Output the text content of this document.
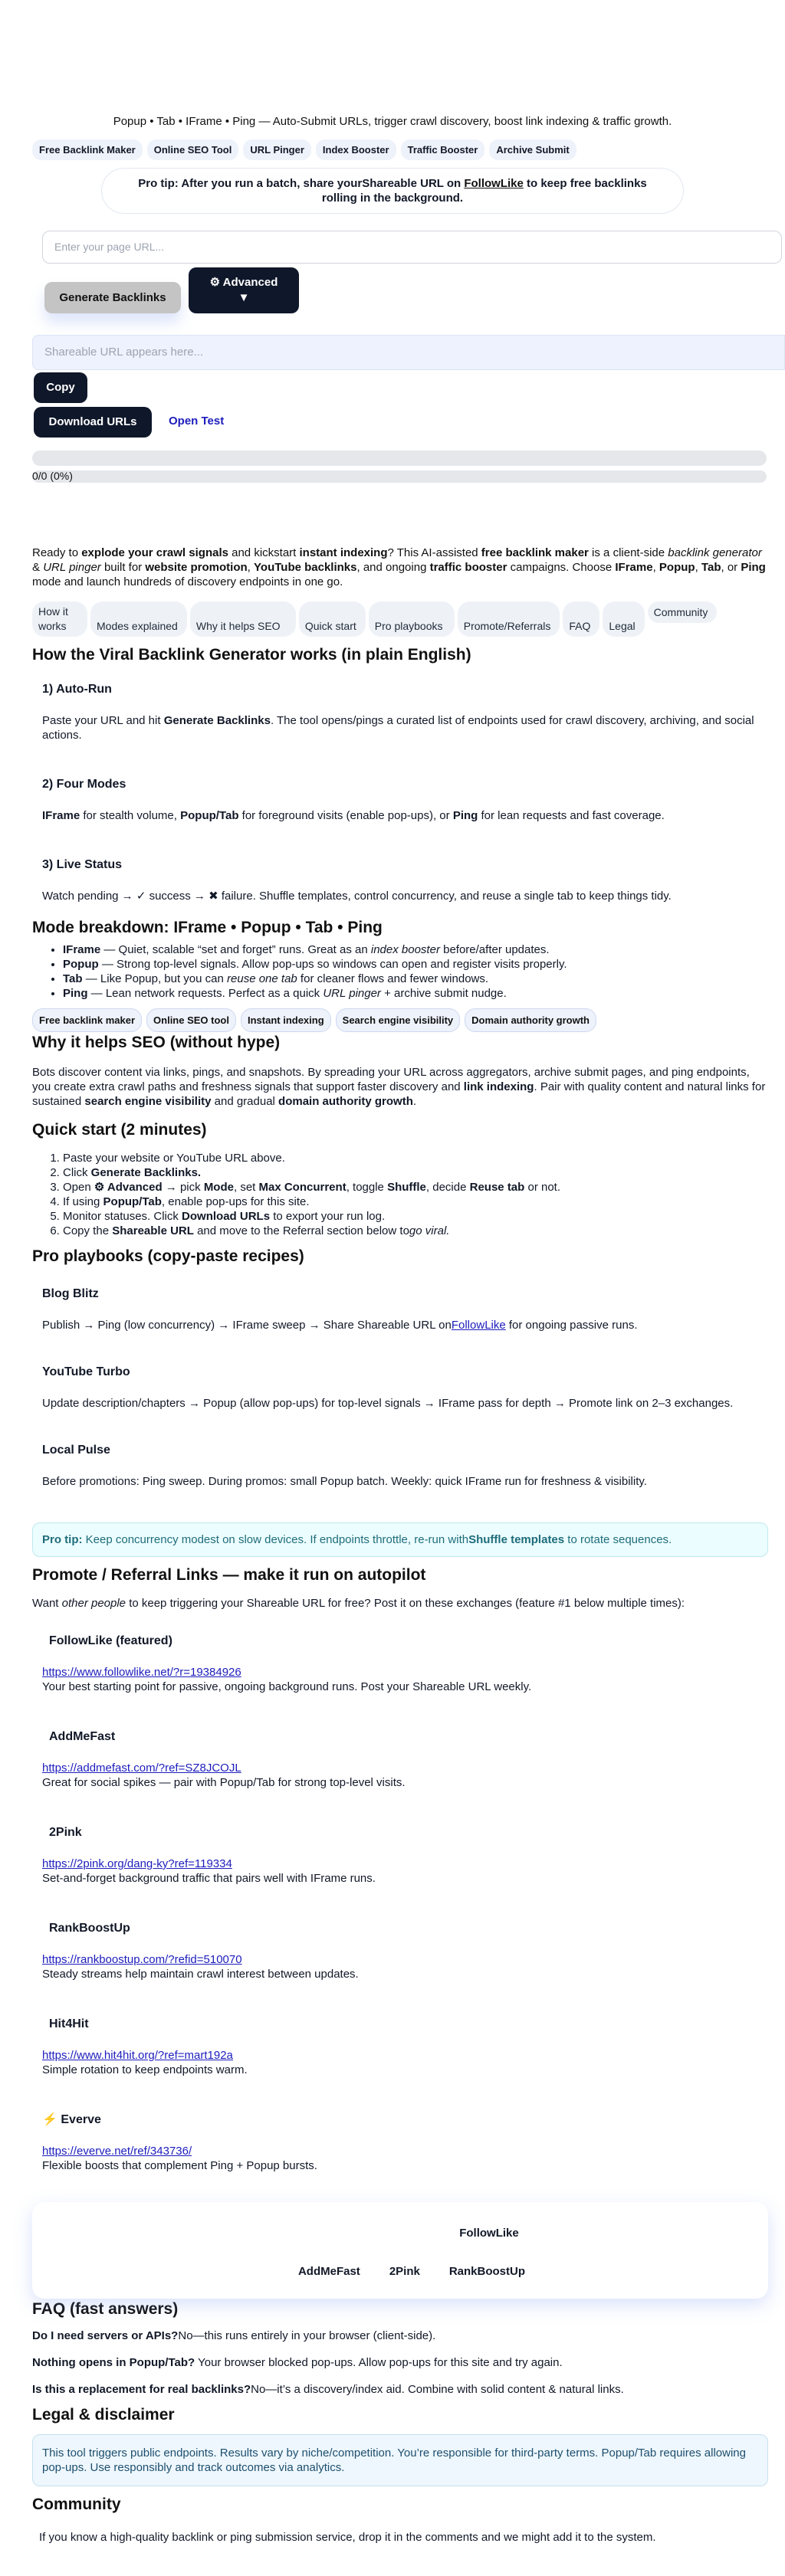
Popup • Tab • IFrame • Ping — Auto-Submit URLs, trigger crawl discovery, boost link indexing & traffic growth.
Free Backlink Maker	Online SEO Tool	URL Pinger	Index Booster	Traffic Booster	Archive Submit
Pro tip: After you run a batch, share yourShareable URL on FollowLike to keep free backlinks rolling in the background.
Enter your page URL...
Generate Backlinks
⚙ Advanced
▼
Shareable URL appears here...
Copy
Download URLs	Open Test
0/0 (0%)

Ready to explode your crawl signals and kickstart instant indexing? This AI-assisted free backlink maker is a client-side backlink generator & URL pinger built for website promotion, YouTube backlinks, and ongoing traffic booster campaigns. Choose IFrame, Popup, Tab, or Ping mode and launch hundreds of discovery endpoints in one go.

How it works	Modes explained	Why it helps SEO	Quick start	Pro playbooks	Promote/Referrals	FAQ	Legal
Community
How the Viral Backlink Generator works (in plain English)
1) Auto-Run

Paste your URL and hit Generate Backlinks. The tool opens/pings a curated list of endpoints used for crawl discovery, archiving, and social actions.

2) Four Modes

IFrame for stealth volume, Popup/Tab for foreground visits (enable pop-ups), or Ping for lean requests and fast coverage.

3) Live Status

Watch pending → ✓ success → ✖ failure. Shuffle templates, control concurrency, and reuse a single tab to keep things tidy.

Mode breakdown: IFrame • Popup • Tab • Ping
• IFrame — Quiet, scalable “set and forget” runs. Great as an index booster before/after updates.
• Popup — Strong top-level signals. Allow pop-ups so windows can open and register visits properly.
• Tab — Like Popup, but you can reuse one tab for cleaner flows and fewer windows.
• Ping — Lean network requests. Perfect as a quick URL pinger + archive submit nudge.
Free backlink maker	Online SEO tool	Instant indexing	Search engine visibility	Domain authority growth
Why it helps SEO (without hype)

Bots discover content via links, pings, and snapshots. By spreading your URL across aggregators, archive submit pages, and ping endpoints, you create extra crawl paths and freshness signals that support faster discovery and link indexing. Pair with quality content and natural links for sustained search engine visibility and gradual domain authority growth.

Quick start (2 minutes)
1. Paste your website or YouTube URL above.
2. Click Generate Backlinks.
3. Open ⚙ Advanced → pick Mode, set Max Concurrent, toggle Shuffle, decide Reuse tab or not.
4. If using Popup/Tab, enable pop-ups for this site.
5. Monitor statuses. Click Download URLs to export your run log.
6. Copy the Shareable URL and move to the Referral section below togo viral.
Pro playbooks (copy-paste recipes)
Blog Blitz

Publish → Ping (low concurrency) → IFrame sweep → Share Shareable URL onFollowLike for ongoing passive runs.

YouTube Turbo

Update description/chapters → Popup (allow pop-ups) for top-level signals → IFrame pass for depth → Promote link on 2–3 exchanges.

Local Pulse

Before promotions: Ping sweep. During promos: small Popup batch. Weekly: quick IFrame run for freshness & visibility.

Pro tip: Keep concurrency modest on slow devices. If endpoints throttle, re-run withShuffle templates to rotate sequences.
Promote / Referral Links — make it run on autopilot

Want other people to keep triggering your Shareable URL for free? Post it on these exchanges (feature #1 below multiple times):

FollowLike (featured)
https://www.followlike.net/?r=19384926

Your best starting point for passive, ongoing background runs. Post your Shareable URL weekly.

AddMeFast
https://addmefast.com/?ref=SZ8JCOJL

Great for social spikes — pair with Popup/Tab for strong top-level visits.

2Pink
https://2pink.org/dang-ky?ref=119334

Set-and-forget background traffic that pairs well with IFrame runs.

RankBoostUp
https://rankboostup.com/?refid=510070

Steady streams help maintain crawl interest between updates.

Hit4Hit
https://www.hit4hit.org/?ref=mart192a

Simple rotation to keep endpoints warm.

⚡ Everve
https://everve.net/ref/343736/

Flexible boosts that complement Ping + Popup bursts.

FollowLike
AddMeFast	2Pink	RankBoostUp
FAQ (fast answers)

Do I need servers or APIs?No—this runs entirely in your browser (client-side).

Nothing opens in Popup/Tab? Your browser blocked pop-ups. Allow pop-ups for this site and try again.

Is this a replacement for real backlinks?No—it’s a discovery/index aid. Combine with solid content & natural links.

Legal & disclaimer
This tool triggers public endpoints. Results vary by niche/competition. You’re responsible for third-party terms. Popup/Tab requires allowing pop-ups. Use responsibly and track outcomes via analytics.
Community

If you know a high-quality backlink or ping submission service, drop it in the comments and we might add it to the system.
